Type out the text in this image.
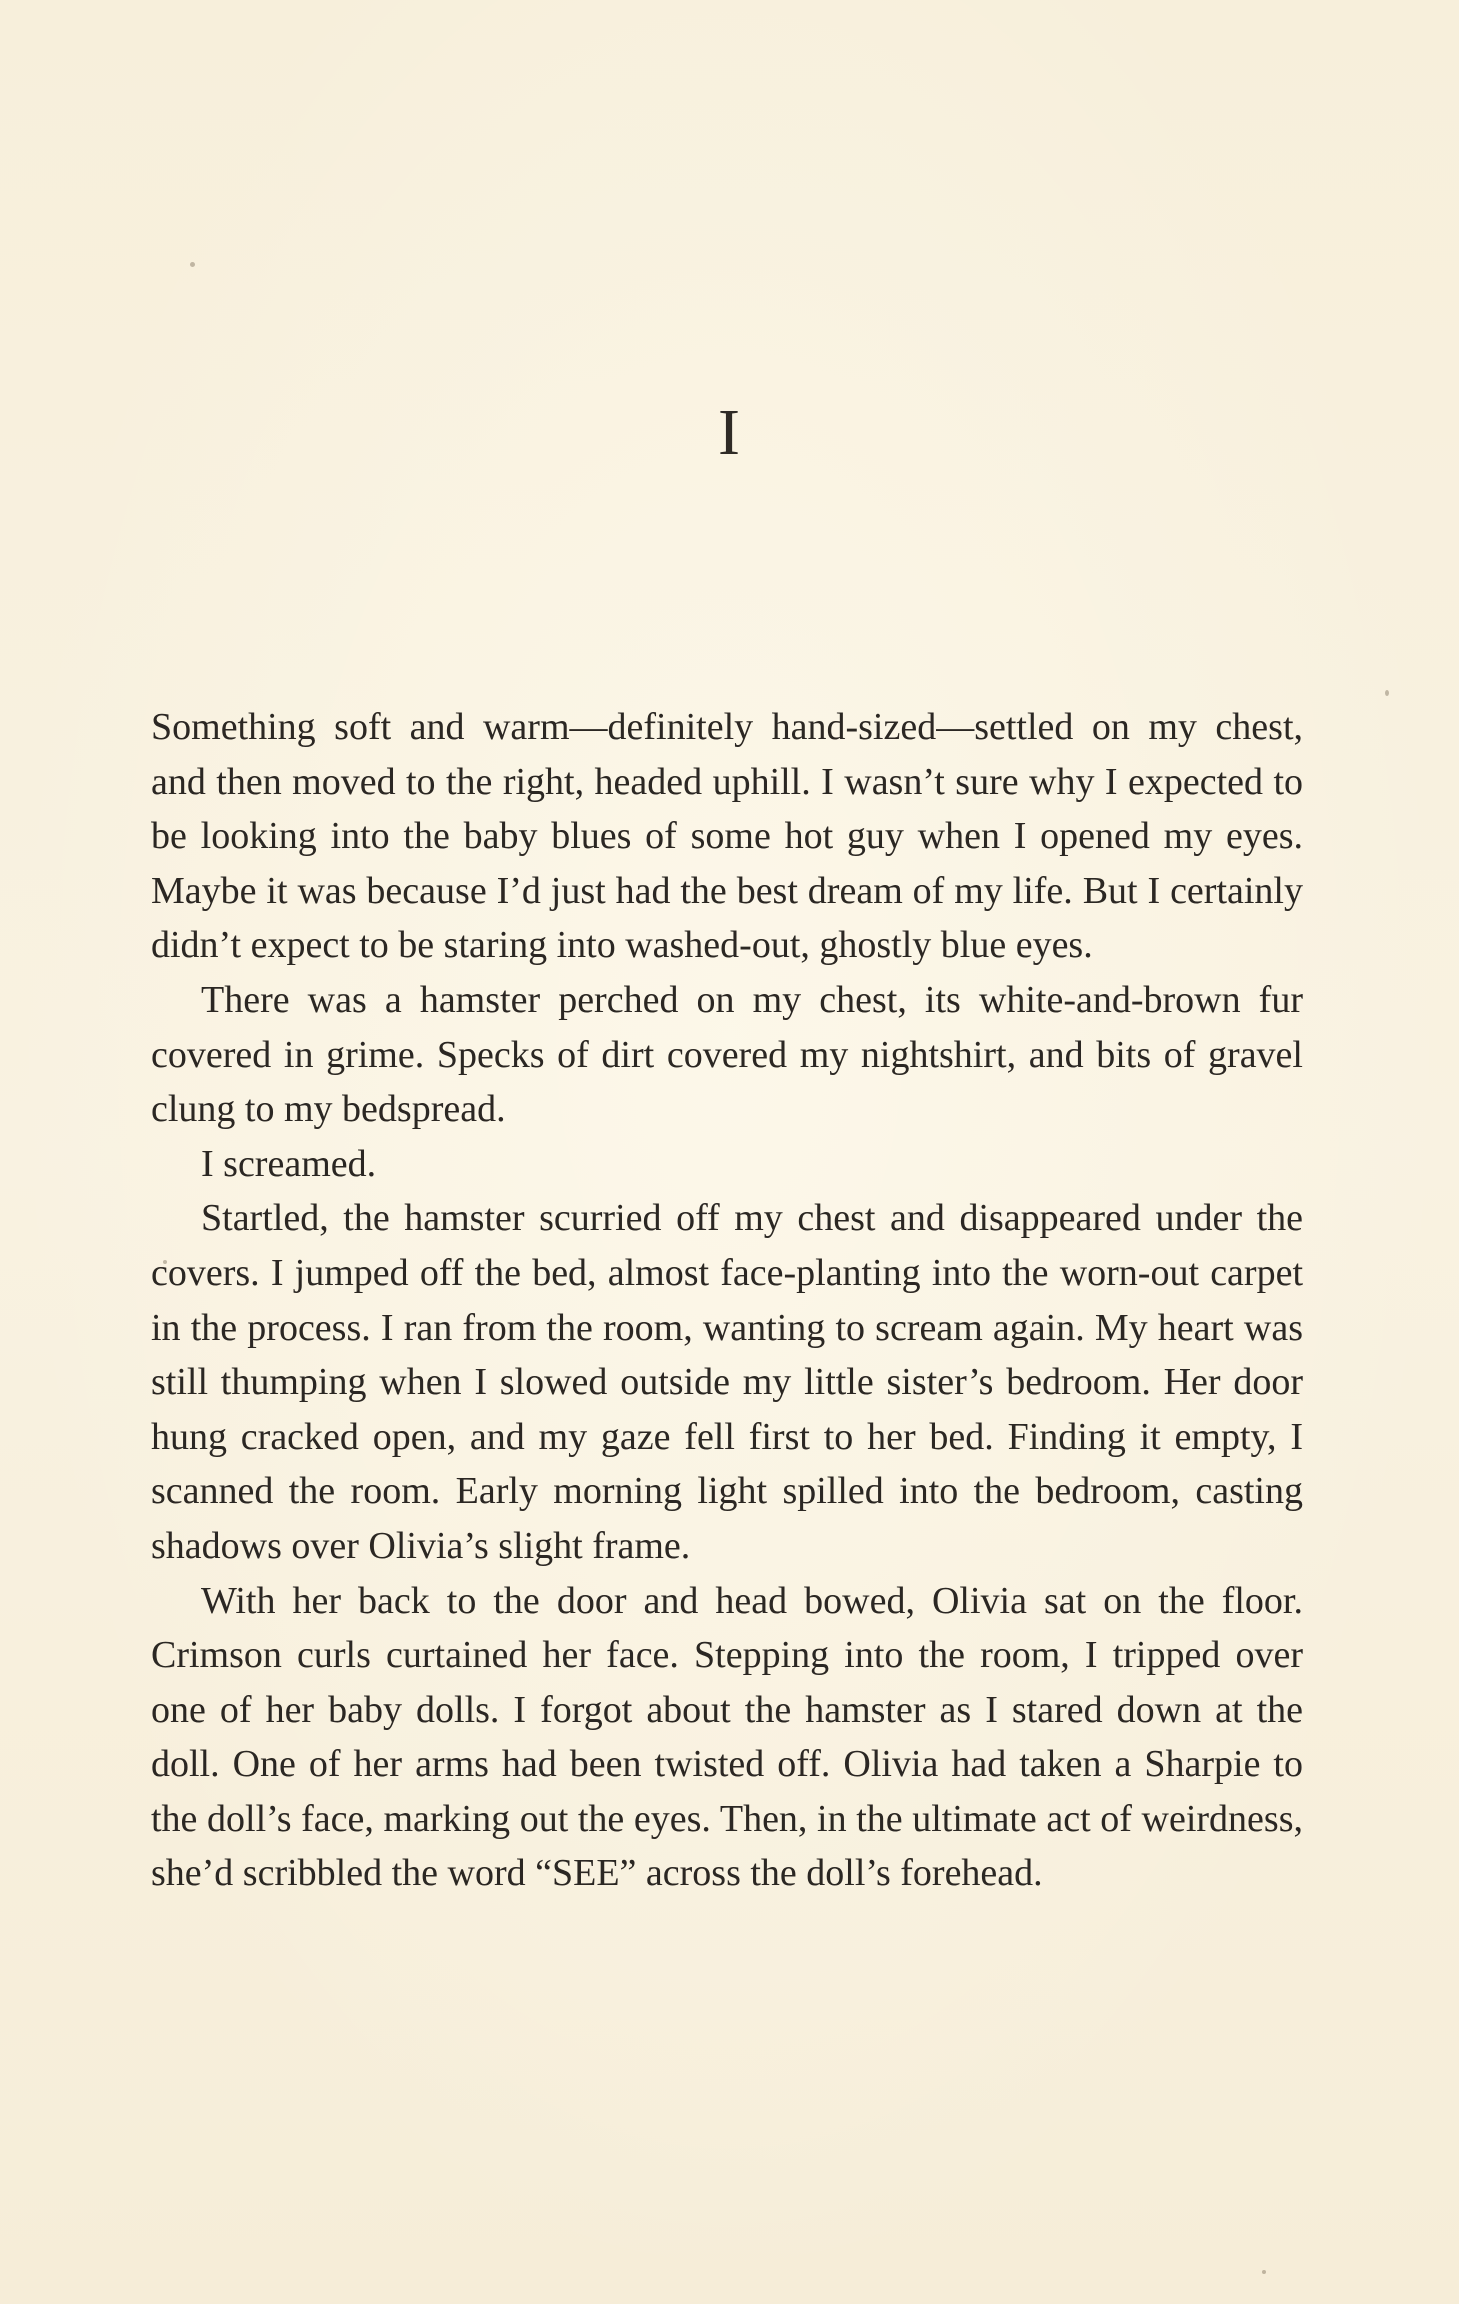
I

Something soft and warm—definitely hand-sized—settled on my chest, and then moved to the right, headed uphill. I wasn’t sure why I expected to be looking into the baby blues of some hot guy when I opened my eyes. Maybe it was because I’d just had the best dream of my life. But I certainly didn’t expect to be staring into washed-out, ghostly blue eyes.

There was a hamster perched on my chest, its white-and-brown fur covered in grime. Specks of dirt covered my nightshirt, and bits of gravel clung to my bedspread.

I screamed.

Startled, the hamster scurried off my chest and disappeared under the covers. I jumped off the bed, almost face-planting into the worn-out carpet in the process. I ran from the room, wanting to scream again. My heart was still thumping when I slowed outside my little sister’s bedroom. Her door hung cracked open, and my gaze fell first to her bed. Finding it empty, I scanned the room. Early morning light spilled into the bedroom, casting shadows over Olivia’s slight frame.

With her back to the door and head bowed, Olivia sat on the floor. Crimson curls curtained her face. Stepping into the room, I tripped over one of her baby dolls. I forgot about the hamster as I stared down at the doll. One of her arms had been twisted off. Olivia had taken a Sharpie to the doll’s face, marking out the eyes. Then, in the ultimate act of weirdness, she’d scribbled the word “SEE” across the doll’s forehead.
